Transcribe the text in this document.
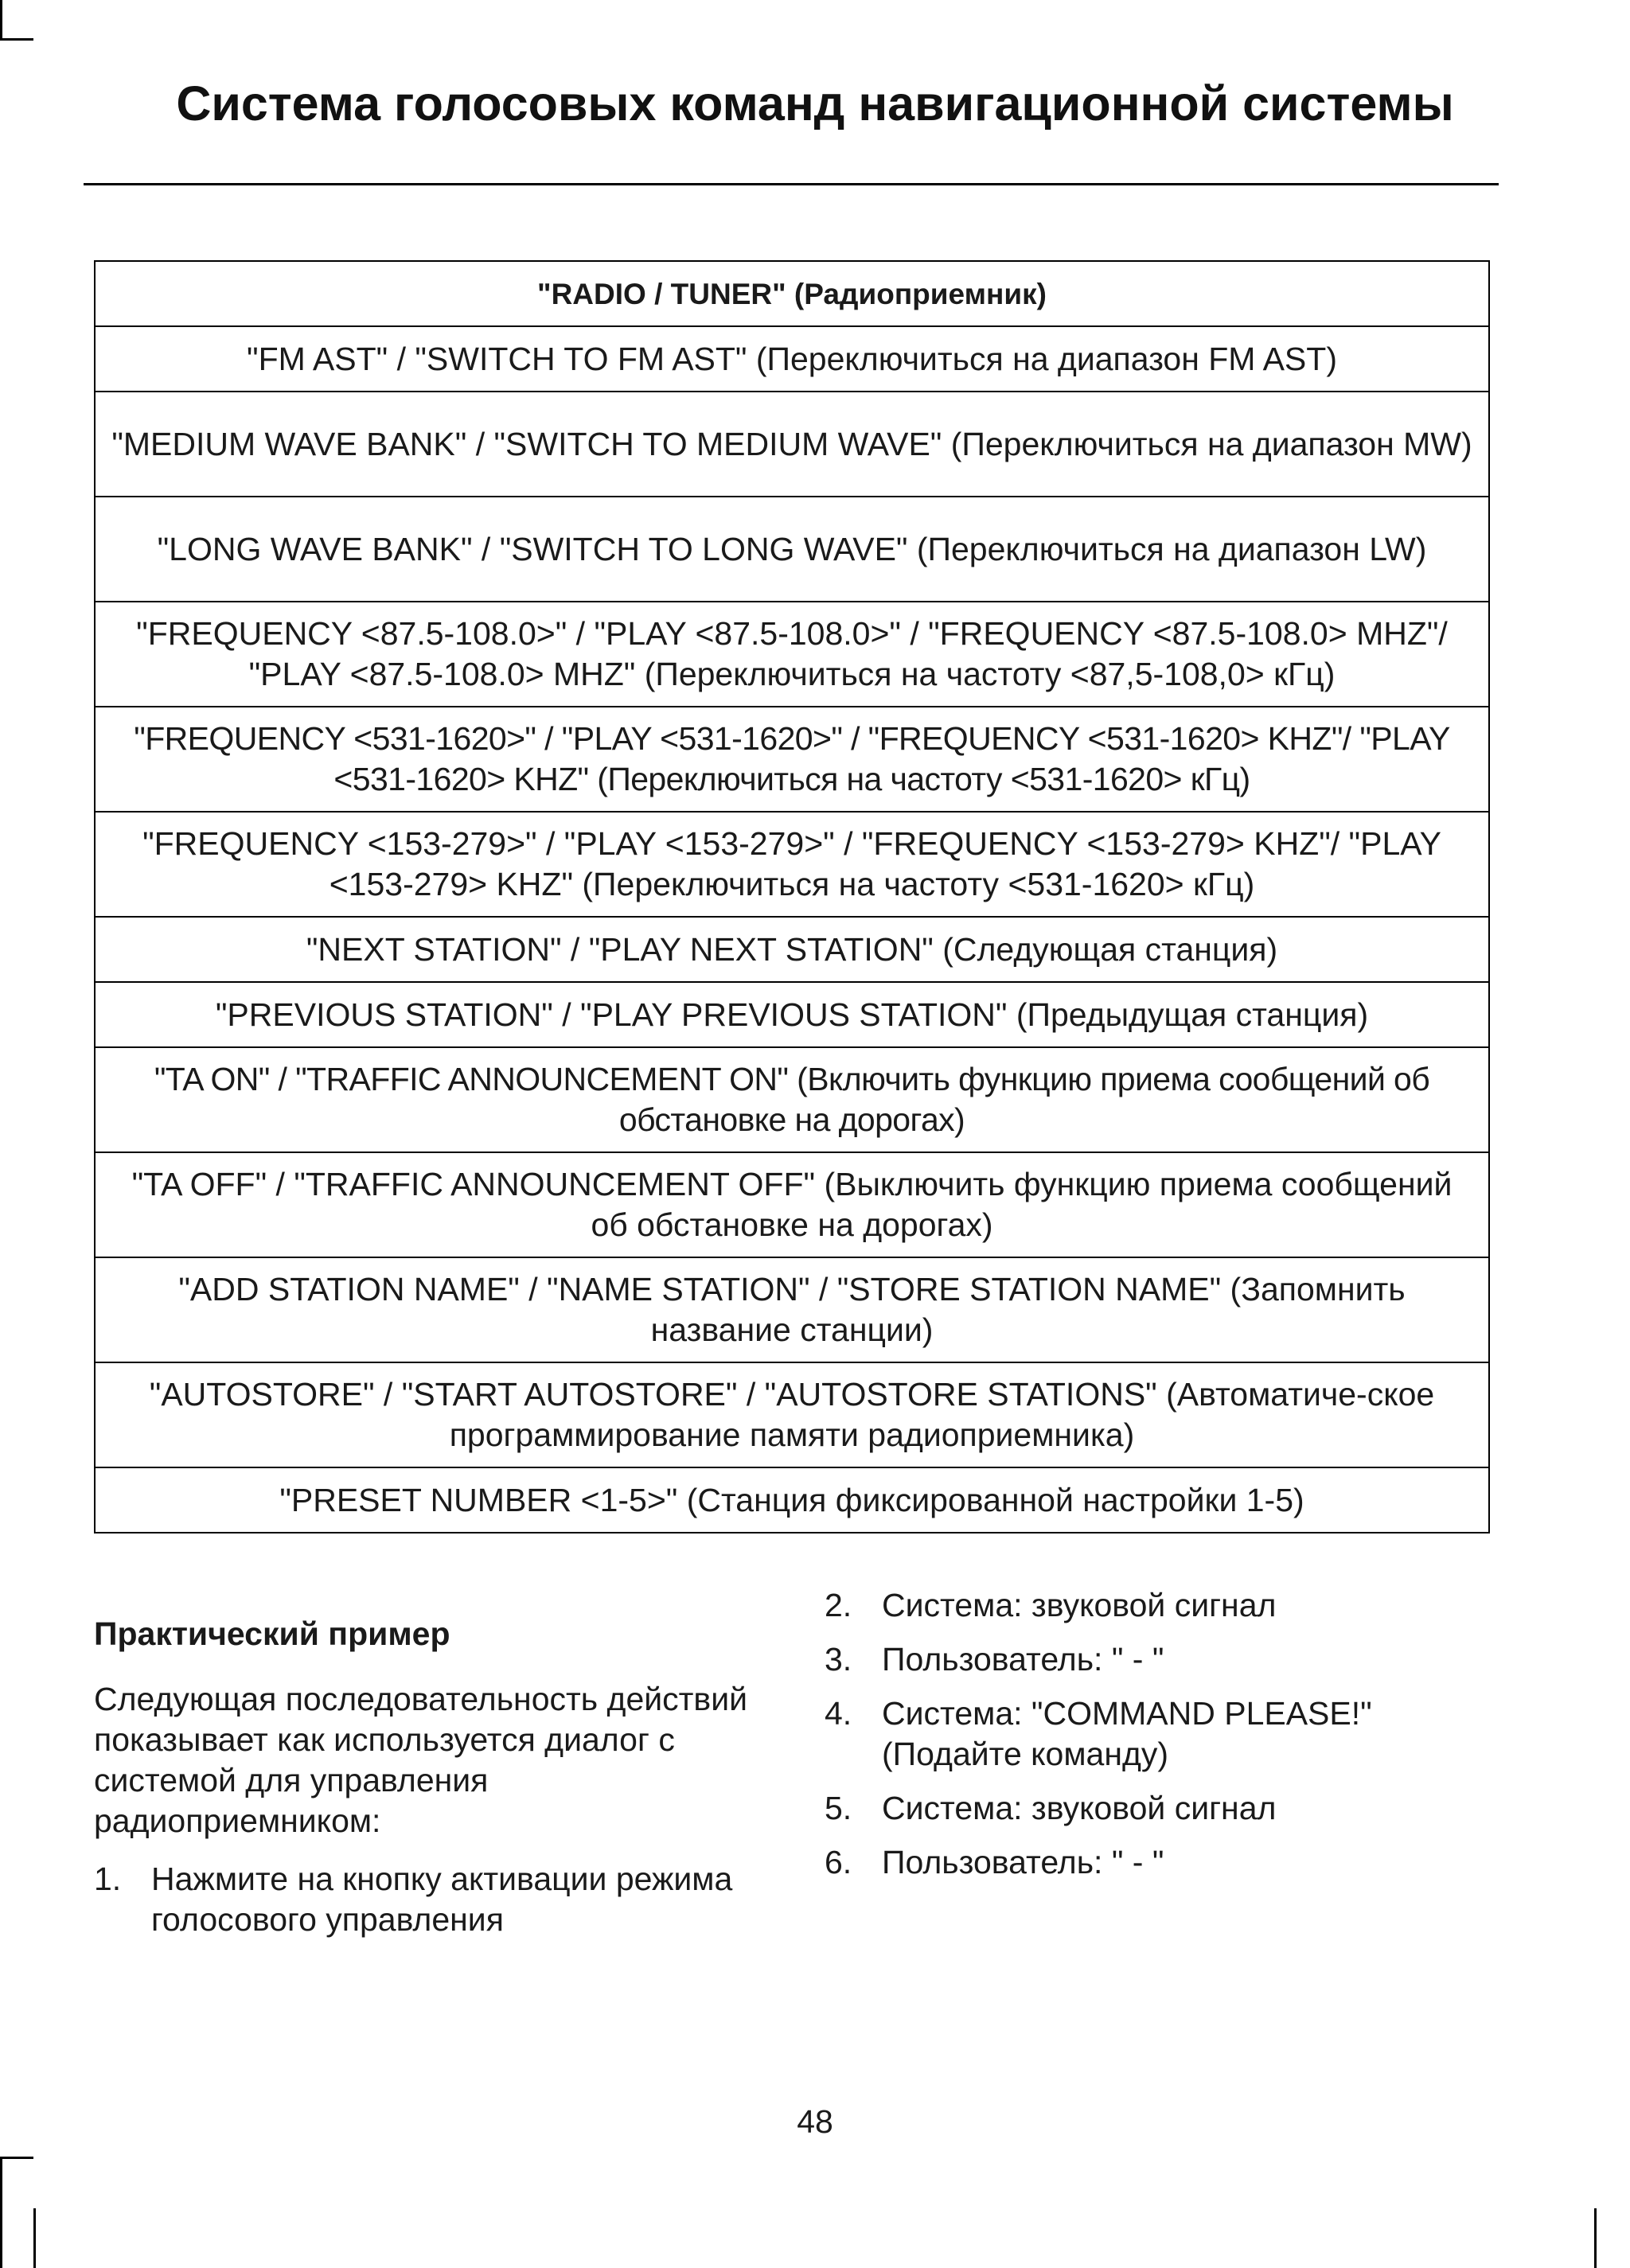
Система голосовых команд навигационной системы
"RADIO / TUNER" (Радиоприемник)
"FM AST" / "SWITCH TO FM AST" (Переключиться на диапазон FM AST)
"MEDIUM WAVE BANK" / "SWITCH TO MEDIUM WAVE" (Переключиться на диапазон MW)
"LONG WAVE BANK" / "SWITCH TO LONG WAVE" (Переключиться на диапазон LW)
"FREQUENCY <87.5-108.0>" / "PLAY <87.5-108.0>" / "FREQUENCY <87.5-108.0> MHZ"/ "PLAY <87.5-108.0> MHZ" (Переключиться на частоту <87,5-108,0> кГц)
"FREQUENCY <531-1620>" / "PLAY <531-1620>" / "FREQUENCY <531-1620> KHZ"/ "PLAY <531-1620> KHZ" (Переключиться на частоту <531-1620> кГц)
"FREQUENCY <153-279>" / "PLAY <153-279>" / "FREQUENCY <153-279> KHZ"/ "PLAY <153-279> KHZ" (Переключиться на частоту <531-1620> кГц)
"NEXT STATION" / "PLAY NEXT STATION" (Следующая станция)
"PREVIOUS STATION" / "PLAY PREVIOUS STATION" (Предыдущая станция)
"TA ON" / "TRAFFIC ANNOUNCEMENT ON" (Включить функцию приема сообщений об обстановке на дорогах)
"TA OFF" / "TRAFFIC ANNOUNCEMENT OFF" (Выключить функцию приема сообщений об обстановке на дорогах)
"ADD STATION NAME" / "NAME STATION" / "STORE STATION NAME" (Запомнить название станции)
"AUTOSTORE" / "START AUTOSTORE" / "AUTOSTORE STATIONS" (Автоматиче-ское программирование памяти радиоприемника)
"PRESET NUMBER <1-5>" (Станция фиксированной настройки 1-5)
Практический пример

Следующая последовательность действий показывает как используется диалог с системой для управления радиоприемником:

1. Нажмите на кнопку активации режима голосового управления
2. Система: звуковой сигнал
3. Пользователь: " - "
4. Система: "COMMAND PLEASE!" (Подайте команду)
5. Система: звуковой сигнал
6. Пользователь: " - "
48
